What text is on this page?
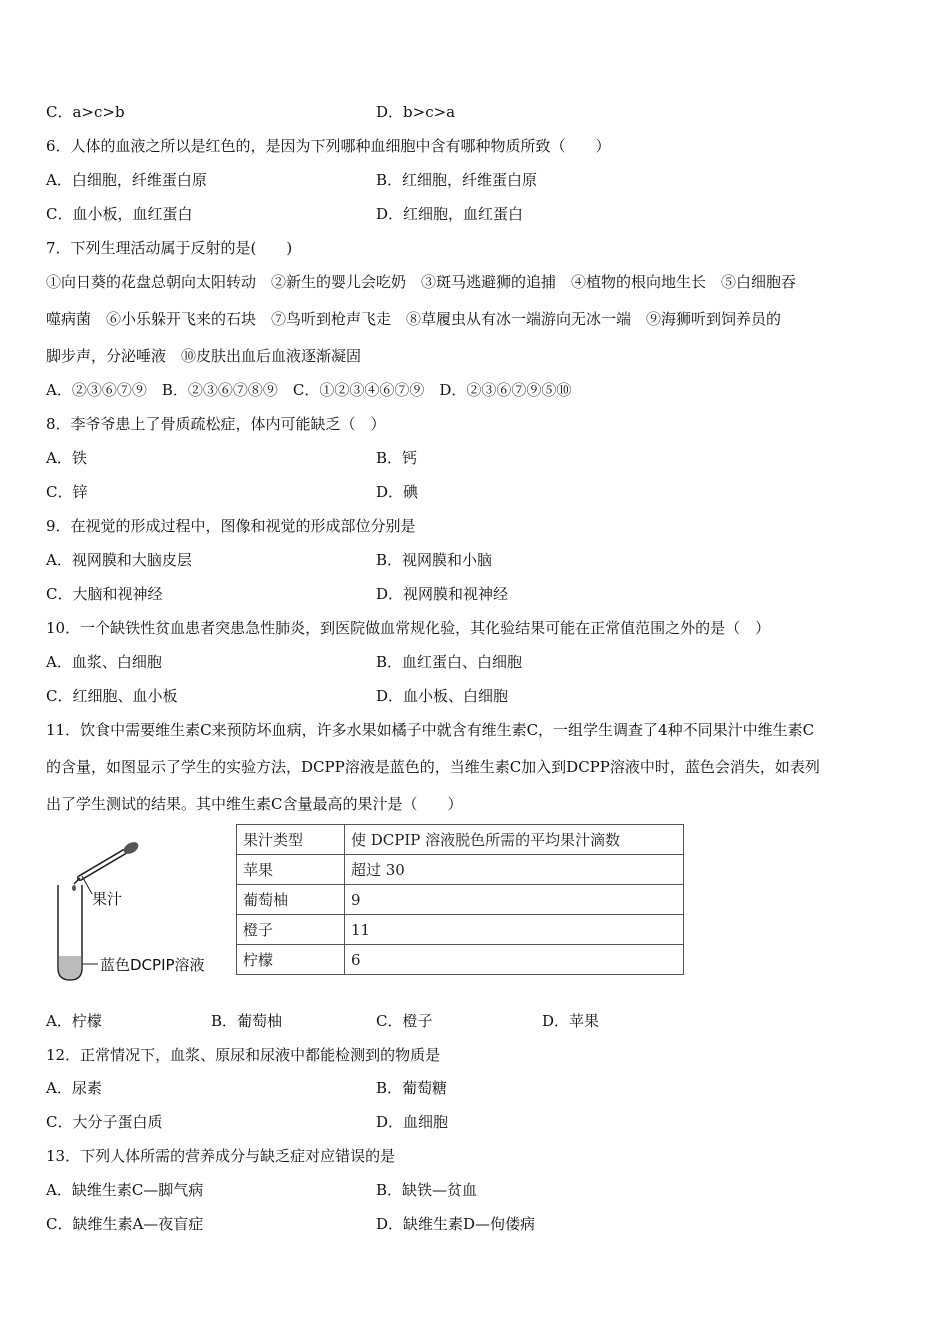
C．a>c>b	D．b>c>a
6．人体的血液之所以是红色的，是因为下列哪种血细胞中含有哪种物质所致（　　）
A．白细胞，纤维蛋白原	B．红细胞，纤维蛋白原
C．血小板，血红蛋白	D．红细胞，血红蛋白
7．下列生理活动属于反射的是(　　)
①向日葵的花盘总朝向太阳转动　②新生的婴儿会吃奶　③斑马逃避狮的追捕　④植物的根向地生长　⑤白细胞吞
噬病菌　⑥小乐躲开飞来的石块　⑦鸟听到枪声飞走　⑧草履虫从有冰一端游向无冰一端　⑨海狮听到饲养员的
脚步声，分泌唾液　⑩皮肤出血后血液逐渐凝固
A．②③⑥⑦⑨　B．②③⑥⑦⑧⑨　C．①②③④⑥⑦⑨　D．②③⑥⑦⑨⑤⑩
8．李爷爷患上了骨质疏松症，体内可能缺乏（　）
A．铁	B．钙
C．锌	D．碘
9．在视觉的形成过程中，图像和视觉的形成部位分别是
A．视网膜和大脑皮层	B．视网膜和小脑
C．大脑和视神经	D．视网膜和视神经
10．一个缺铁性贫血患者突患急性肺炎，到医院做血常规化验，其化验结果可能在正常值范围之外的是（　）
A．血浆、白细胞	B．血红蛋白、白细胞
C．红细胞、血小板	D．血小板、白细胞
11．饮食中需要维生素C来预防坏血病，许多水果如橘子中就含有维生素C，一组学生调查了4种不同果汁中维生素C
的含量，如图显示了学生的实验方法，DCPP溶液是蓝色的，当维生素C加入到DCPP溶液中时，蓝色会消失，如表列
出了学生测试的结果。其中维生素C含量最高的果汁是（　　）
果汁
蓝色DCPIP溶液
果汁类型	使 DCPIP 溶液脱色所需的平均果汁滴数
苹果	超过 30
葡萄柚	9
橙子	11
柠檬	6
A．柠檬	B．葡萄柚	C．橙子	D．苹果
12．正常情况下，血浆、原尿和尿液中都能检测到的物质是
A．尿素	B．葡萄糖
C．大分子蛋白质	D．血细胞
13．下列人体所需的营养成分与缺乏症对应错误的是
A．缺维生素C—脚气病	B．缺铁—贫血
C．缺维生素A—夜盲症	D．缺维生素D—佝偻病
